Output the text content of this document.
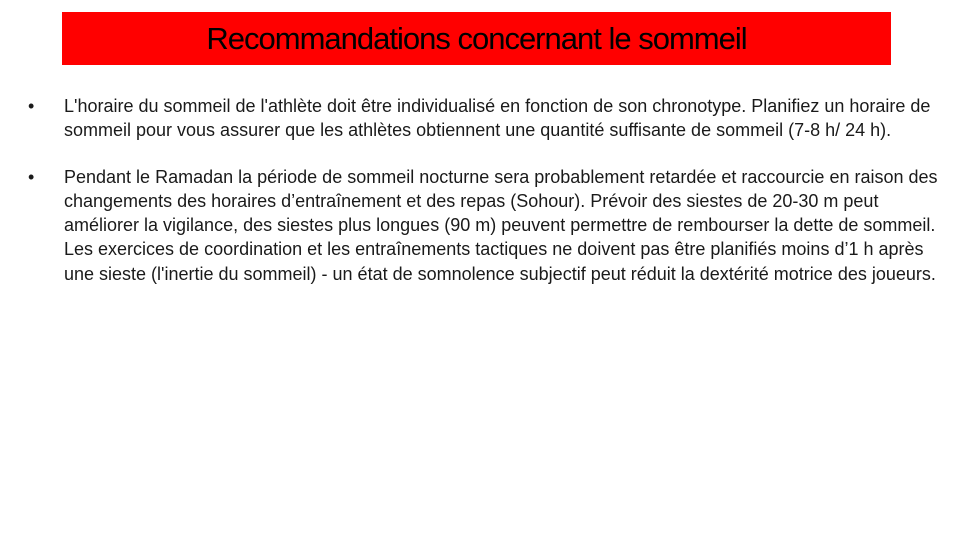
Recommandations concernant le sommeil
•	L'horaire du sommeil de l'athlète doit être individualisé en fonction de son chronotype. Planifiez un horaire de sommeil pour vous assurer que les athlètes obtiennent une quantité suffisante de sommeil (7-8 h/ 24 h).
•	Pendant le Ramadan la période de sommeil nocturne sera probablement retardée et raccourcie en raison des changements des horaires d’entraînement et des repas (Sohour). Prévoir des siestes de 20-30 m peut améliorer la vigilance, des siestes plus longues (90 m) peuvent permettre de rembourser la dette de sommeil.
Les exercices de coordination et les entraînements tactiques ne doivent pas être planifiés moins d’1 h après une sieste (l'inertie du sommeil) - un état de somnolence subjectif peut réduit la dextérité motrice des joueurs.
